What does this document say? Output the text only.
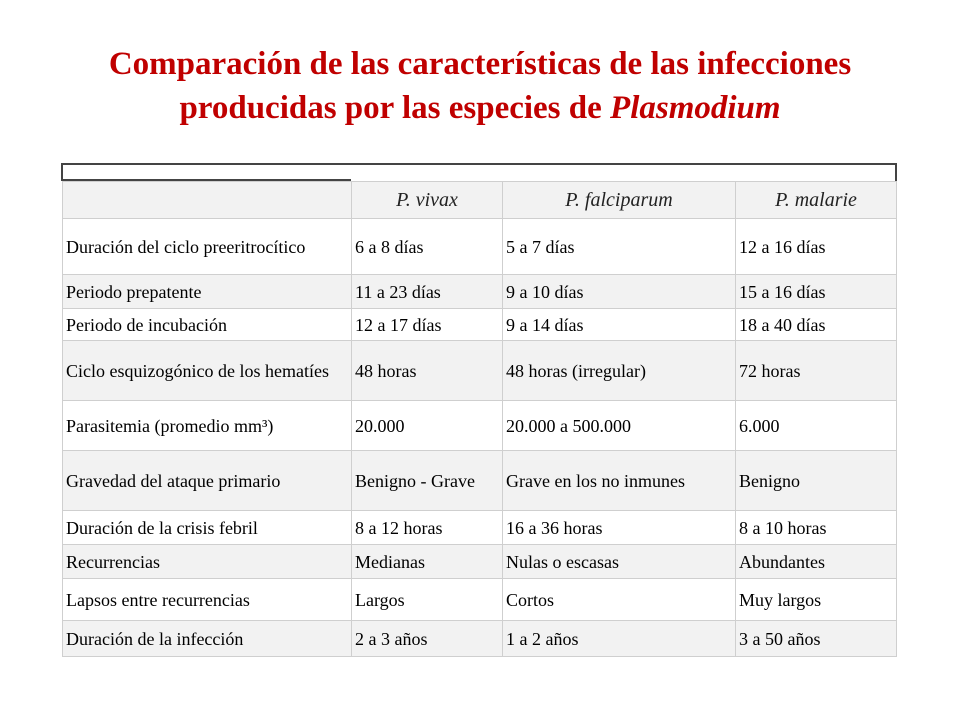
Comparación de las características de las infecciones
producidas por las especies de Plasmodium
	P. vivax	P. falciparum	P. malarie
Duración del ciclo preeritrocítico	6 a 8 días	5 a 7 días	12 a 16 días
Periodo prepatente	11 a 23 días	9 a 10 días	15 a 16 días
Periodo de incubación	12 a 17 días	9 a 14 días	18 a 40 días
Ciclo esquizogónico de los hematíes	48 horas	48 horas (irregular)	72 horas
Parasitemia (promedio mm³)	20.000	20.000 a 500.000	6.000
Gravedad del ataque primario	Benigno - Grave	Grave en los no inmunes	Benigno
Duración de la crisis febril	8 a 12 horas	16 a 36 horas	8 a 10 horas
Recurrencias	Medianas	Nulas o escasas	Abundantes
Lapsos entre recurrencias	Largos	Cortos	Muy largos
Duración de la infección	2 a 3 años	1 a 2 años	3 a 50 años
